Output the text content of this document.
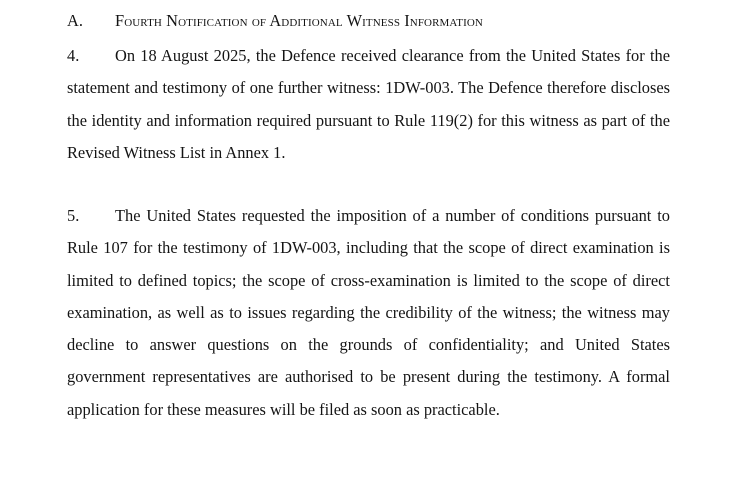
A. Fourth Notification of Additional Witness Information

4. On 18 August 2025, the Defence received clearance from the United States for the statement and testimony of one further witness: 1DW-003. The Defence therefore discloses the identity and information required pursuant to Rule 119(2) for this witness as part of the Revised Witness List in Annex 1.

5. The United States requested the imposition of a number of conditions pursuant to Rule 107 for the testimony of 1DW-003, including that the scope of direct examination is limited to defined topics; the scope of cross-examination is limited to the scope of direct examination, as well as to issues regarding the credibility of the witness; the witness may decline to answer questions on the grounds of confidentiality; and United States government representatives are authorised to be present during the testimony. A formal application for these measures will be filed as soon as practicable.
